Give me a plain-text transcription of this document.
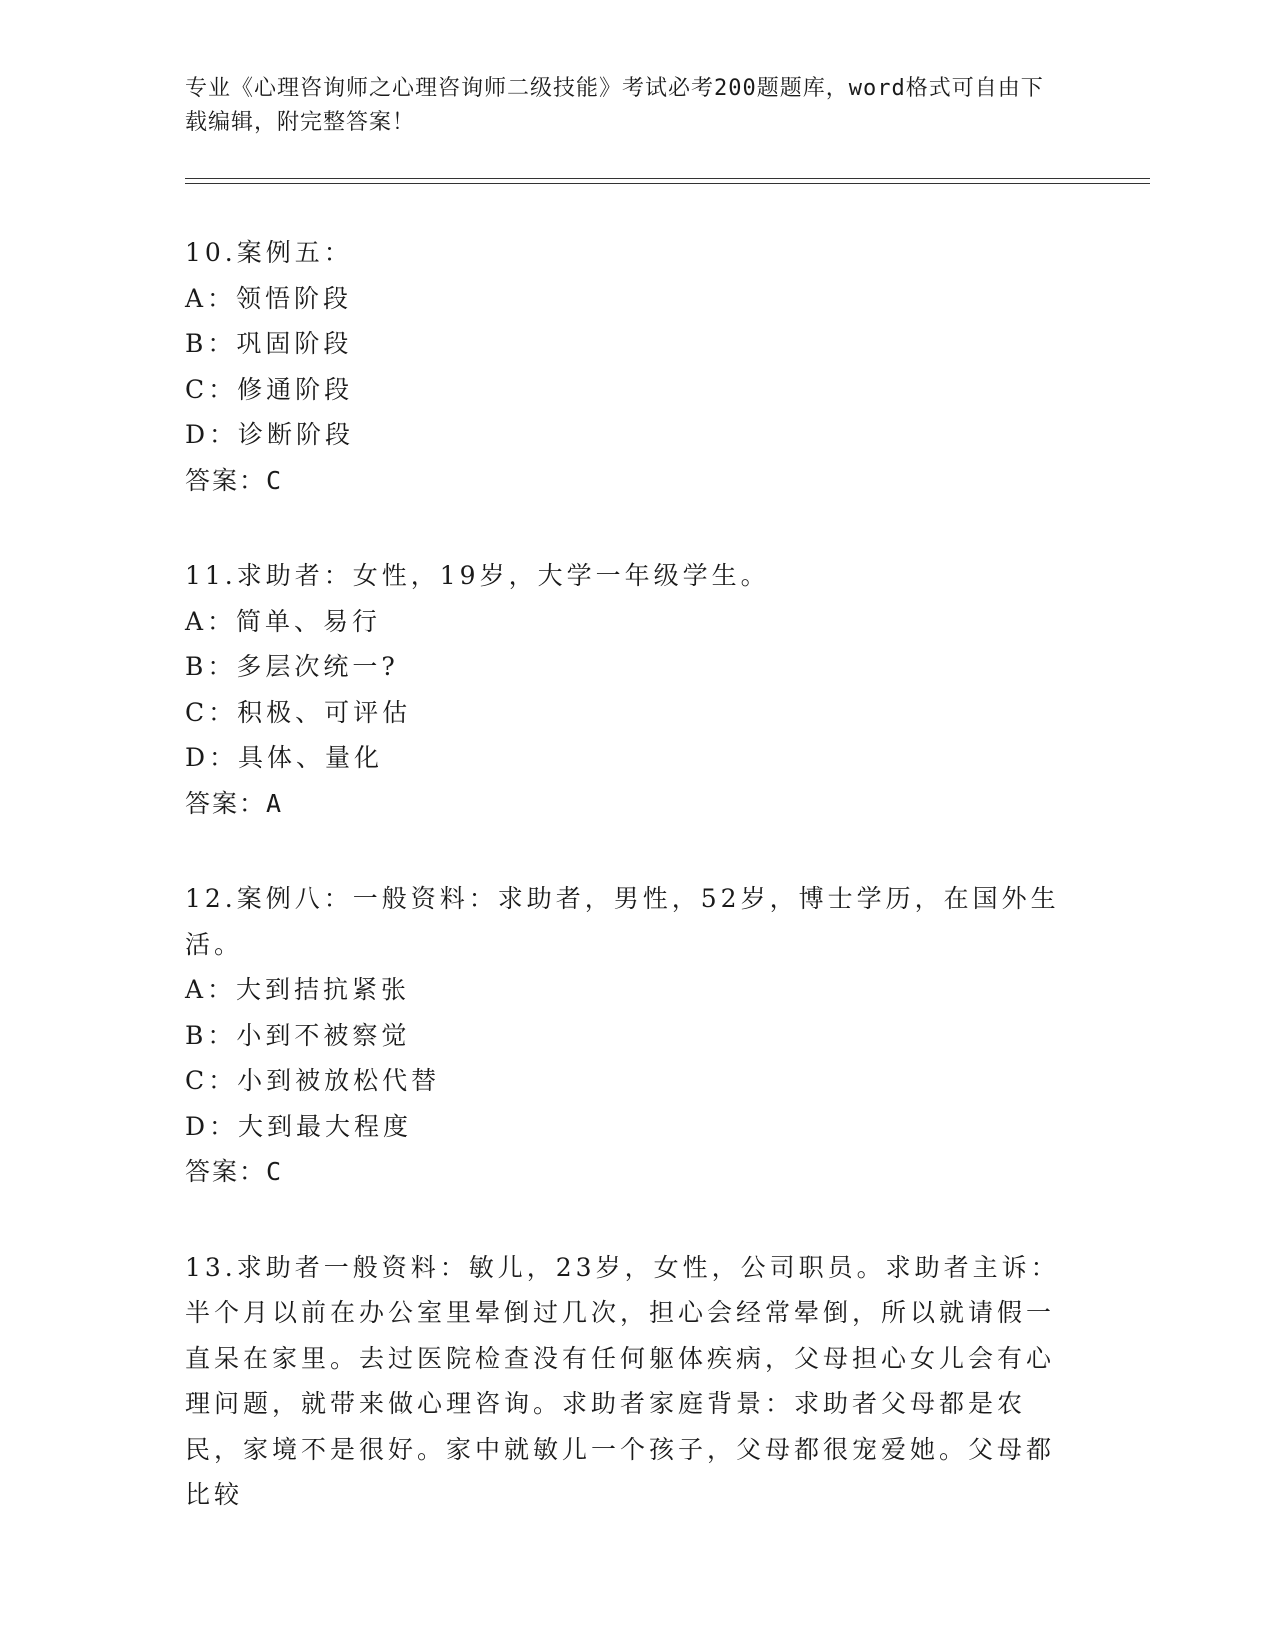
专业《心理咨询师之心理咨询师二级技能》考试必考200题题库，word格式可自由下载编辑，附完整答案！
10.案例五：
A：领悟阶段
B：巩固阶段
C：修通阶段
D：诊断阶段
答案：C
11.求助者：女性，19岁，大学一年级学生。
A：简单、易行
B：多层次统一?
C：积极、可评估
D：具体、量化
答案：A
12.案例八：一般资料：求助者，男性，52岁，博士学历，在国外生活。
A：大到拮抗紧张
B：小到不被察觉
C：小到被放松代替
D：大到最大程度
答案：C
13.求助者一般资料：敏儿，23岁，女性，公司职员。求助者主诉：半个月以前在办公室里晕倒过几次，担心会经常晕倒，所以就请假一直呆在家里。去过医院检查没有任何躯体疾病，父母担心女儿会有心理问题，就带来做心理咨询。求助者家庭背景：求助者父母都是农民，家境不是很好。家中就敏儿一个孩子，父母都很宠爱她。父母都比较
